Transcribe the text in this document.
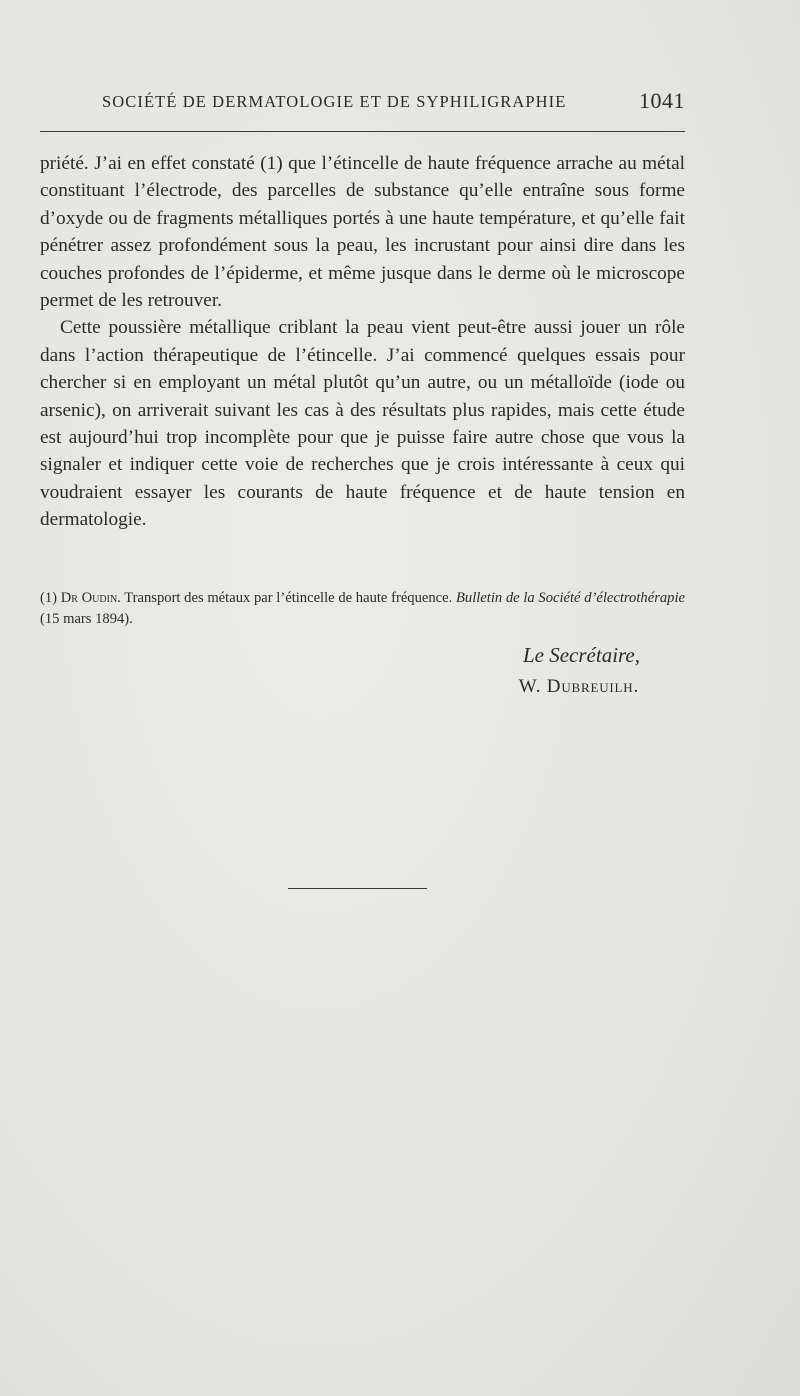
SOCIÉTÉ DE DERMATOLOGIE ET DE SYPHILIGRAPHIE	1041

priété. J’ai en effet constaté (1) que l’étincelle de haute fréquence arrache au métal constituant l’électrode, des parcelles de substance qu’elle entraîne sous forme d’oxyde ou de fragments métalliques portés à une haute température, et qu’elle fait pénétrer assez profondément sous la peau, les incrustant pour ainsi dire dans les couches profondes de l’épiderme, et même jusque dans le derme où le microscope permet de les retrouver.

Cette poussière métallique criblant la peau vient peut-être aussi jouer un rôle dans l’action thérapeutique de l’étincelle. J’ai commencé quelques essais pour chercher si en employant un métal plutôt qu’un autre, ou un métalloïde (iode ou arsenic), on arriverait suivant les cas à des résultats plus rapides, mais cette étude est aujourd’hui trop incomplète pour que je puisse faire autre chose que vous la signaler et indiquer cette voie de recherches que je crois intéressante à ceux qui voudraient essayer les courants de haute fréquence et de haute tension en dermatologie.

(1) Dr Oudin. Transport des métaux par l’étincelle de haute fréquence. Bulletin de la Société d’électrothérapie (15 mars 1894).
Le Secrétaire,
W. Dubreuilh.
